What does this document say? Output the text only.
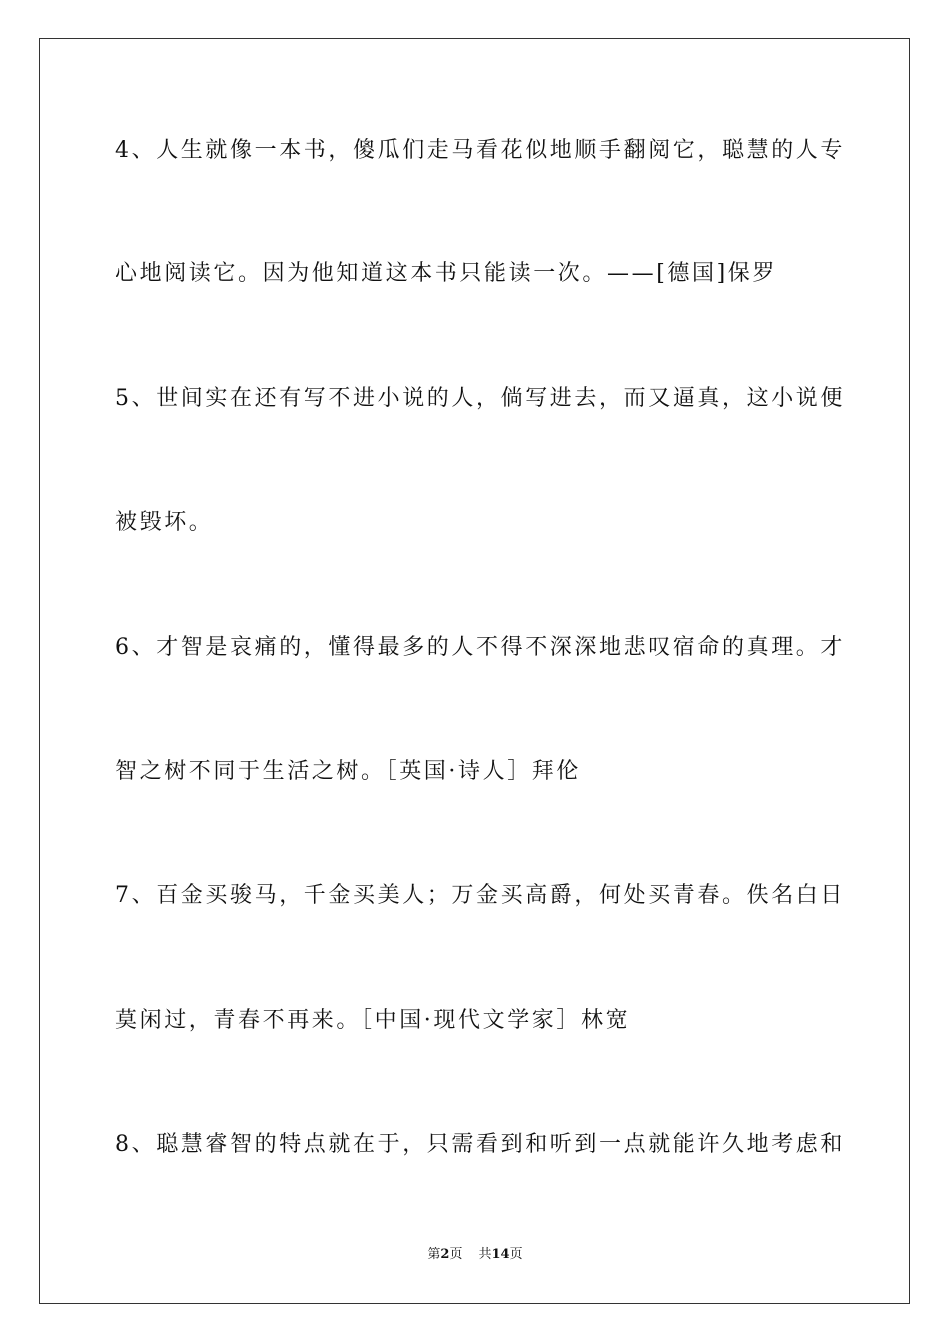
4、人生就像一本书，傻瓜们走马看花似地顺手翻阅它，聪慧的人专
心地阅读它。因为他知道这本书只能读一次。——[德国]保罗
5、世间实在还有写不进小说的人，倘写进去，而又逼真，这小说便
被毁坏。
6、才智是哀痛的，懂得最多的人不得不深深地悲叹宿命的真理。才
智之树不同于生活之树。［英国·诗人］拜伦
7、百金买骏马，千金买美人；万金买高爵，何处买青春。佚名白日
莫闲过，青春不再来。［中国·现代文学家］林宽
8、聪慧睿智的特点就在于，只需看到和听到一点就能许久地考虑和
第2页 共14页
